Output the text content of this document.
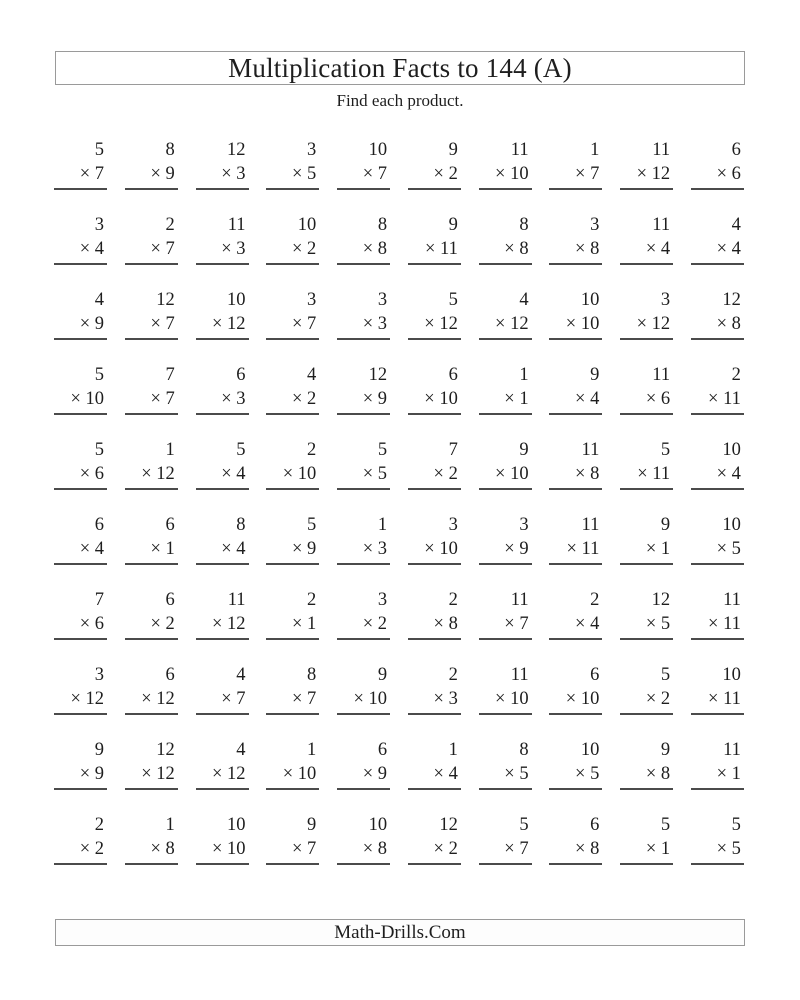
Multiplication Facts to 144 (A)
Find each product.
5
× 7
8
× 9
12
× 3
3
× 5
10
× 7
9
× 2
11
× 10
1
× 7
11
× 12
6
× 6
3
× 4
2
× 7
11
× 3
10
× 2
8
× 8
9
× 11
8
× 8
3
× 8
11
× 4
4
× 4
4
× 9
12
× 7
10
× 12
3
× 7
3
× 3
5
× 12
4
× 12
10
× 10
3
× 12
12
× 8
5
× 10
7
× 7
6
× 3
4
× 2
12
× 9
6
× 10
1
× 1
9
× 4
11
× 6
2
× 11
5
× 6
1
× 12
5
× 4
2
× 10
5
× 5
7
× 2
9
× 10
11
× 8
5
× 11
10
× 4
6
× 4
6
× 1
8
× 4
5
× 9
1
× 3
3
× 10
3
× 9
11
× 11
9
× 1
10
× 5
7
× 6
6
× 2
11
× 12
2
× 1
3
× 2
2
× 8
11
× 7
2
× 4
12
× 5
11
× 11
3
× 12
6
× 12
4
× 7
8
× 7
9
× 10
2
× 3
11
× 10
6
× 10
5
× 2
10
× 11
9
× 9
12
× 12
4
× 12
1
× 10
6
× 9
1
× 4
8
× 5
10
× 5
9
× 8
11
× 1
2
× 2
1
× 8
10
× 10
9
× 7
10
× 8
12
× 2
5
× 7
6
× 8
5
× 1
5
× 5
Math-Drills.Com
